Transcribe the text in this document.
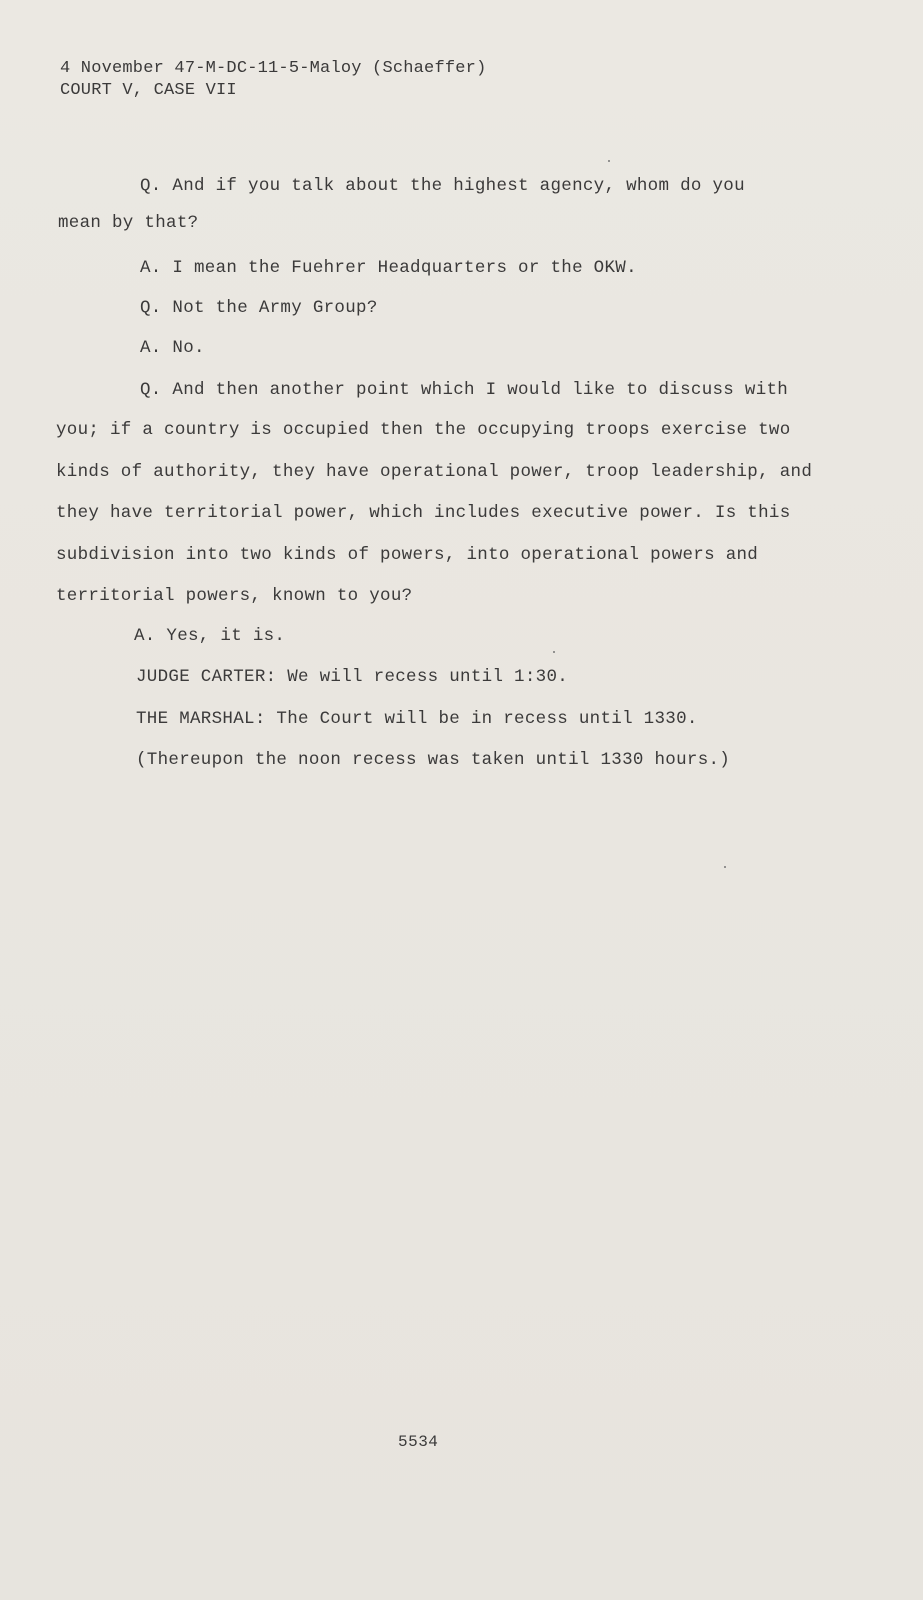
4 November 47-M-DC-11-5-Maloy (Schaeffer)
COURT V, CASE VII
Q. And if you talk about the highest agency, whom do you
mean by that?
A. I mean the Fuehrer Headquarters or the OKW.
Q. Not the Army Group?
A. No.
Q. And then another point which I would like to discuss with
you; if a country is occupied then the occupying troops exercise two
kinds of authority, they have operational power, troop leadership, and
they have territorial power, which includes executive power. Is this
subdivision into two kinds of powers, into operational powers and
territorial powers, known to you?
A. Yes, it is.
JUDGE CARTER: We will recess until 1:30.
THE MARSHAL: The Court will be in recess until 1330.
(Thereupon the noon recess was taken until 1330 hours.)
5534
